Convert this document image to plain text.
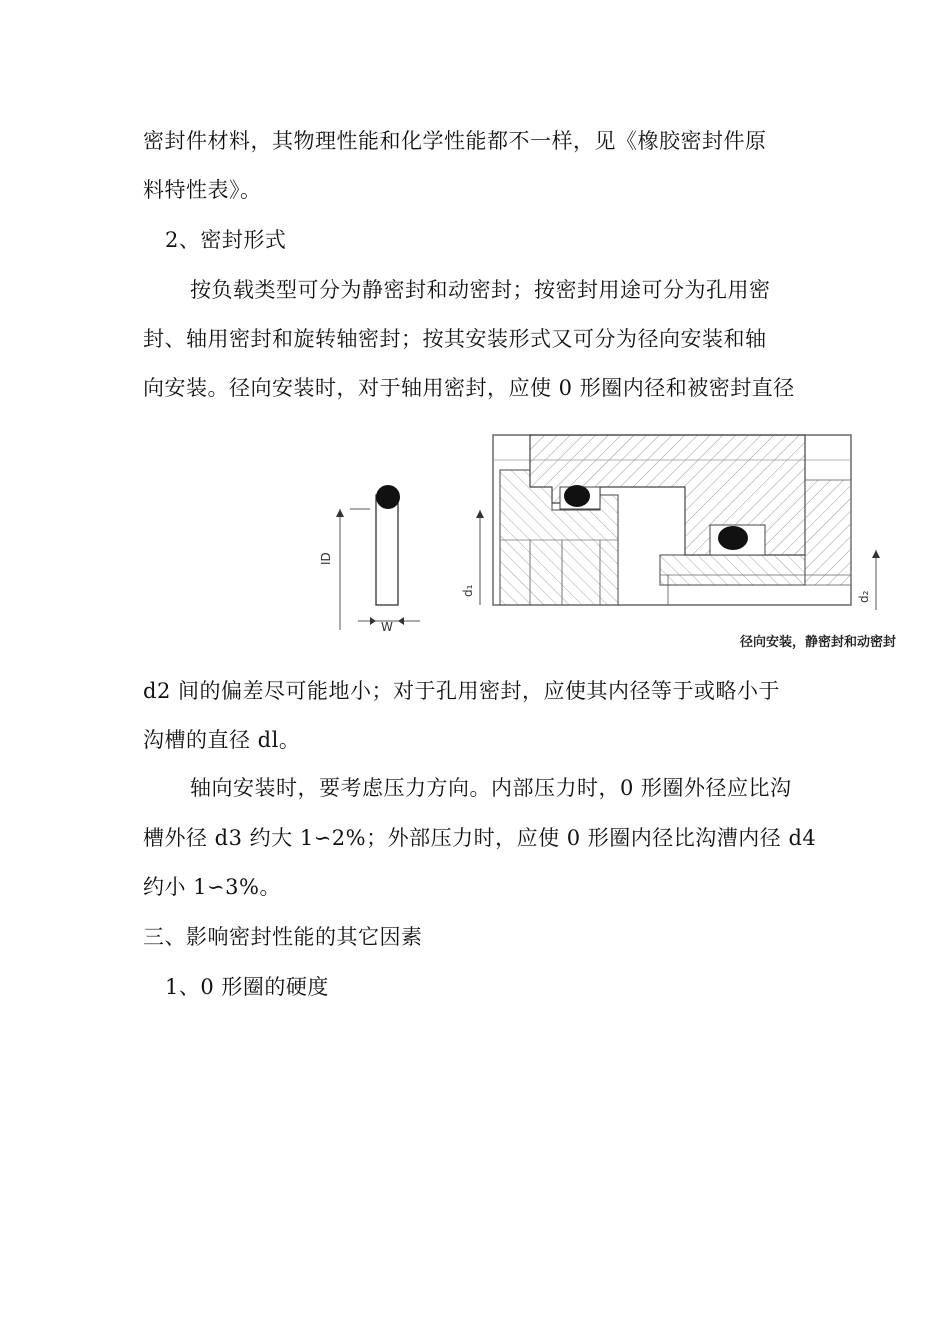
密封件材料，其物理性能和化学性能都不一样，见《橡胶密封件原
料特性表》。
2、密封形式
按负载类型可分为静密封和动密封；按密封用途可分为孔用密
封、轴用密封和旋转轴密封；按其安装形式又可分为径向安装和轴
向安装。径向安装时，对于轴用密封，应使 0 形圈内径和被密封直径
ID
W
d₁	d₂
径向安装，静密封和动密封
d2 间的偏差尽可能地小；对于孔用密封，应使其内径等于或略小于
沟槽的直径 dl。
轴向安装时，要考虑压力方向。内部压力时，0 形圈外径应比沟
槽外径 d3 约大 1∽2%；外部压力时，应使 0 形圈内径比沟漕内径 d4
约小 1∽3%。
三、影响密封性能的其它因素
1、0 形圈的硬度
